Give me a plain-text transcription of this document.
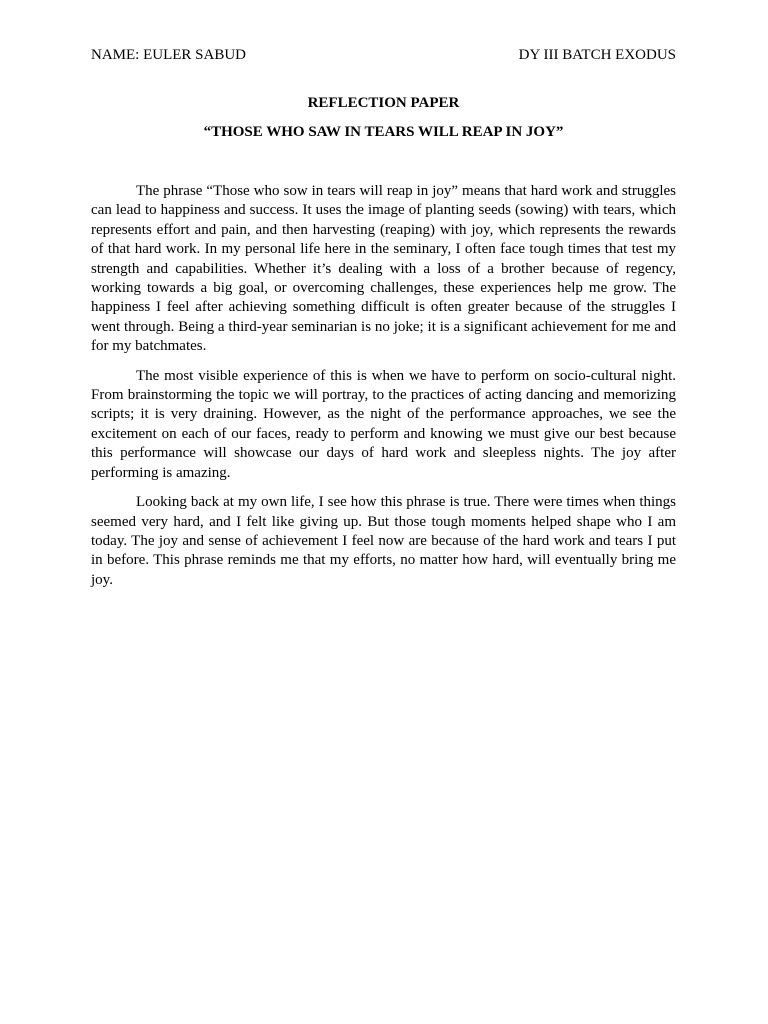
NAME: EULER SABUD	DY III BATCH EXODUS
REFLECTION PAPER
“THOSE WHO SAW IN TEARS WILL REAP IN JOY”

The phrase “Those who sow in tears will reap in joy” means that hard work and struggles can lead to happiness and success. It uses the image of planting seeds (sowing) with tears, which represents effort and pain, and then harvesting (reaping) with joy, which represents the rewards of that hard work. In my personal life here in the seminary, I often face tough times that test my strength and capabilities. Whether it’s dealing with a loss of a brother because of regency, working towards a big goal, or overcoming challenges, these experiences help me grow. The happiness I feel after achieving something difficult is often greater because of the struggles I went through. Being a third-year seminarian is no joke; it is a significant achievement for me and for my batchmates.

The most visible experience of this is when we have to perform on socio-cultural night. From brainstorming the topic we will portray, to the practices of acting dancing and memorizing scripts; it is very draining. However, as the night of the performance approaches, we see the excitement on each of our faces, ready to perform and knowing we must give our best because this performance will showcase our days of hard work and sleepless nights. The joy after performing is amazing.

Looking back at my own life, I see how this phrase is true. There were times when things seemed very hard, and I felt like giving up. But those tough moments helped shape who I am today. The joy and sense of achievement I feel now are because of the hard work and tears I put in before. This phrase reminds me that my efforts, no matter how hard, will eventually bring me joy.
